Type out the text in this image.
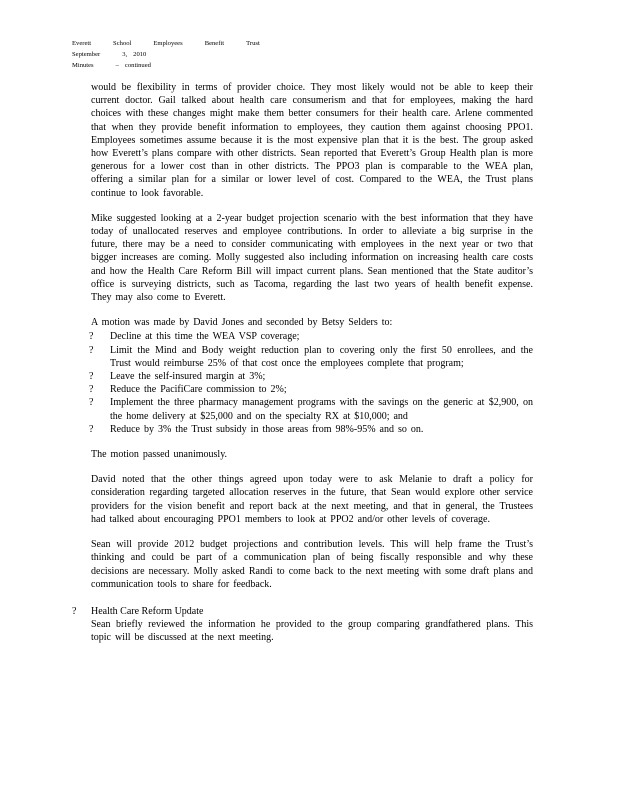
Everett	School	Employees	Benefit	Trust
September	3, 2010
Minutes	– continued

would be flexibility in terms of provider choice. They most likely would not be able to keep their current doctor. Gail talked about health care consumerism and that for employees, making the hard choices with these changes might make them better consumers for their health care. Arlene commented that when they provide benefit information to employees, they caution them against choosing PPO1. Employees sometimes assume because it is the most expensive plan that it is the best. The group asked how Everett’s plans compare with other districts. Sean reported that Everett’s Group Health plan is more generous for a lower cost than in other districts. The PPO3 plan is comparable to the WEA plan, offering a similar plan for a similar or lower level of cost. Compared to the WEA, the Trust plans continue to look favorable.

Mike suggested looking at a 2-year budget projection scenario with the best information that they have today of unallocated reserves and employee contributions. In order to alleviate a big surprise in the future, there may be a need to consider communicating with employees in the next year or two that bigger increases are coming. Molly suggested also including information on increasing health care costs and how the Health Care Reform Bill will impact current plans. Sean mentioned that the State auditor’s office is surveying districts, such as Tacoma, regarding the last two years of health benefit expense. They may also come to Everett.

A motion was made by David Jones and seconded by Betsy Selders to:

? Decline at this time the WEA VSP coverage;
? Limit the Mind and Body weight reduction plan to covering only the first 50 enrollees, and the Trust would reimburse 25% of that cost once the employees complete that program;
? Leave the self-insured margin at 3%;
? Reduce the PacifiCare commission to 2%;
? Implement the three pharmacy management programs with the savings on the generic at $2,900, on the home delivery at $25,000 and on the specialty RX at $10,000; and
? Reduce by 3% the Trust subsidy in those areas from 98%-95% and so on.

The motion passed unanimously.

David noted that the other things agreed upon today were to ask Melanie to draft a policy for consideration regarding targeted allocation reserves in the future, that Sean would explore other service providers for the vision benefit and report back at the next meeting, and that in general, the Trustees had talked about encouraging PPO1 members to look at PPO2 and/or other levels of coverage.

Sean will provide 2012 budget projections and contribution levels. This will help frame the Trust’s thinking and could be part of a communication plan of being fiscally responsible and why these decisions are necessary. Molly asked Randi to come back to the next meeting with some draft plans and communication tools to share for feedback.

? Health Care Reform Update
Sean briefly reviewed the information he provided to the group comparing grandfathered plans. This topic will be discussed at the next meeting.
